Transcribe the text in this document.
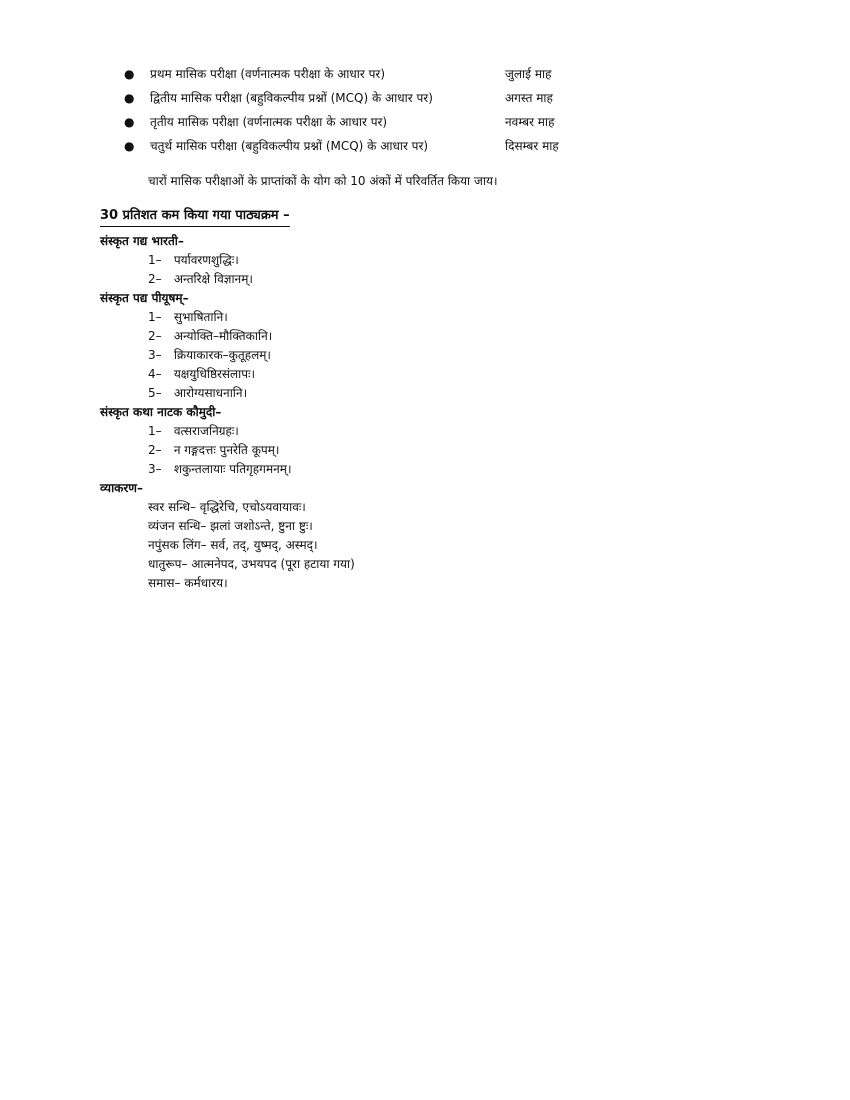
● प्रथम मासिक परीक्षा (वर्णनात्मक परीक्षा के आधार पर)	जुलाई माह
● द्वितीय मासिक परीक्षा (बहुविकल्पीय प्रश्नों (MCQ) के आधार पर)	अगस्त माह
● तृतीय मासिक परीक्षा (वर्णनात्मक परीक्षा के आधार पर)	नवम्बर माह
● चतुर्थ मासिक परीक्षा (बहुविकल्पीय प्रश्नों (MCQ) के आधार पर)	दिसम्बर माह
चारों मासिक परीक्षाओं के प्राप्तांकों के योग को 10 अंकों में परिवर्तित किया जाय।
30 प्रतिशत कम किया गया पाठ्यक्रम –
संस्कृत गद्य भारती–
1– पर्यावरणशुद्धिः।
2– अन्तरिक्षे विज्ञानम्।
संस्कृत पद्य पीयूषम्–
1– सुभाषितानि।
2– अन्योक्ति–मौक्तिकानि।
3– क्रियाकारक–कुतूहलम्।
4– यक्षयुधिष्ठिरसंलापः।
5– आरोग्यसाधनानि।
संस्कृत कथा नाटक कौमुदी–
1– वत्सराजनिग्रहः।
2– न गङ्गदत्तः पुनरेति कूपम्।
3– शकुन्तलायाः पतिगृहगमनम्।
व्याकरण–
स्वर सन्धि– वृद्धिरेचि, एचोऽयवायावः।
व्यंजन सन्धि– झलां जशोऽन्ते, ष्टुना ष्टुः।
नपुंसक लिंग– सर्व, तद्, युष्मद्, अस्मद्।
धातुरूप– आत्मनेपद, उभयपद (पूरा हटाया गया)
समास– कर्मधारय।
